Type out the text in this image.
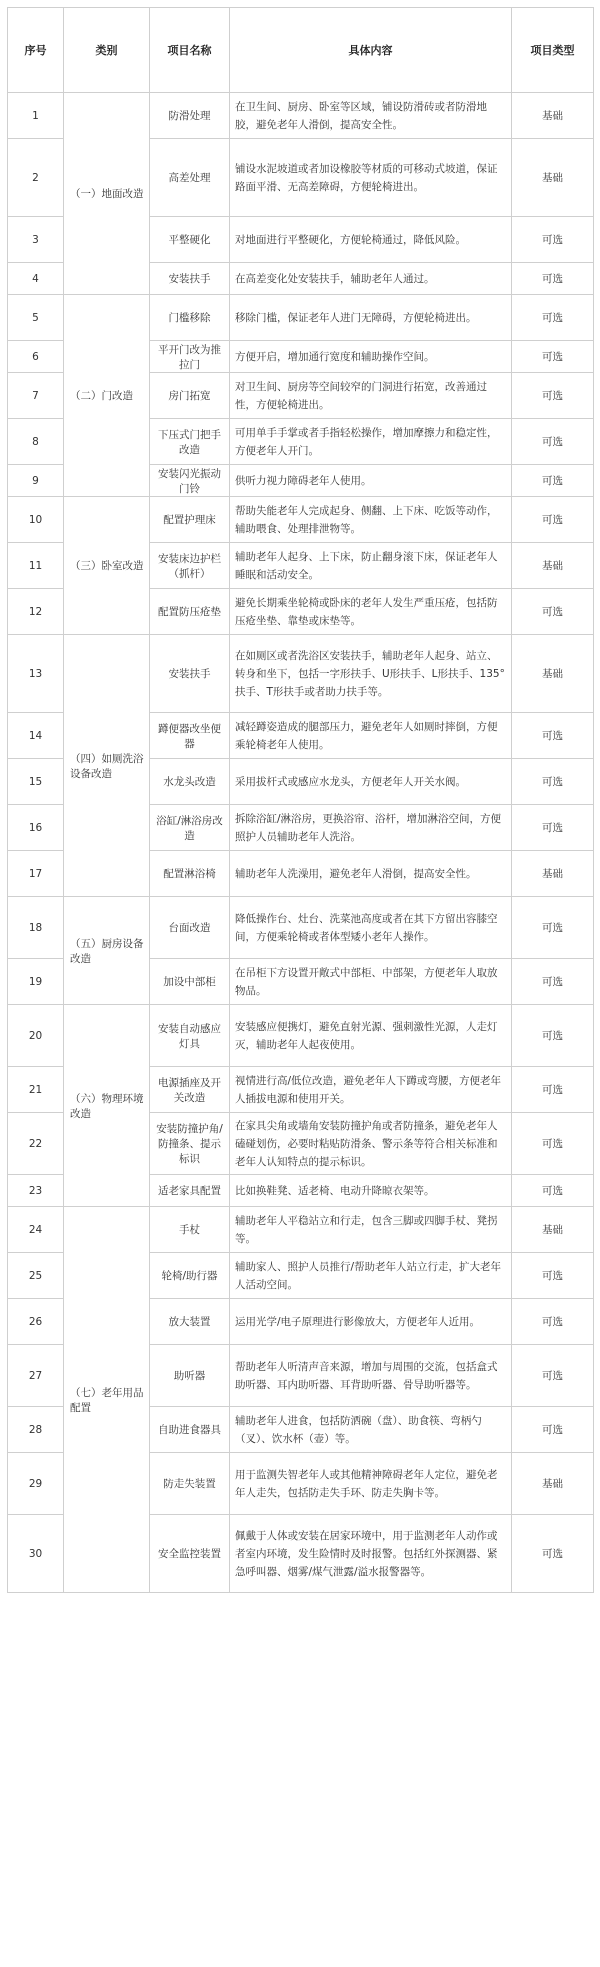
序号	类别	项目名称	具体内容	项目类型
1	（一）地面改造	防滑处理	在卫生间、厨房、卧室等区域，铺设防滑砖或者防滑地胶，避免老年人滑倒，提高安全性。	基础
2		高差处理	铺设水泥坡道或者加设橡胶等材质的可移动式坡道，保证路面平滑、无高差障碍，方便轮椅进出。	基础
3		平整硬化	对地面进行平整硬化，方便轮椅通过，降低风险。	可选
4		安装扶手	在高差变化处安装扶手，辅助老年人通过。	可选
5	（二）门改造	门槛移除	移除门槛，保证老年人进门无障碍，方便轮椅进出。	可选
6		平开门改为推拉门	方便开启，增加通行宽度和辅助操作空间。	可选
7		房门拓宽	对卫生间、厨房等空间较窄的门洞进行拓宽，改善通过性，方便轮椅进出。	可选
8		下压式门把手改造	可用单手手掌或者手指轻松操作，增加摩擦力和稳定性，方便老年人开门。	可选
9		安装闪光振动门铃	供听力视力障碍老年人使用。	可选
10	（三）卧室改造	配置护理床	帮助失能老年人完成起身、侧翻、上下床、吃饭等动作，辅助喂食、处理排泄物等。	可选
11		安装床边护栏（抓杆）	辅助老年人起身、上下床，防止翻身滚下床，保证老年人睡眠和活动安全。	基础
12		配置防压疮垫	避免长期乘坐轮椅或卧床的老年人发生严重压疮，包括防压疮坐垫、靠垫或床垫等。	可选
13	（四）如厕洗浴设备改造	安装扶手	在如厕区或者洗浴区安装扶手，辅助老年人起身、站立、转身和坐下，包括一字形扶手、U形扶手、L形扶手、135°扶手、T形扶手或者助力扶手等。	基础
14		蹲便器改坐便器	减轻蹲姿造成的腿部压力，避免老年人如厕时摔倒，方便乘轮椅老年人使用。	可选
15		水龙头改造	采用拔杆式或感应水龙头，方便老年人开关水阀。	可选
16		浴缸/淋浴房改造	拆除浴缸/淋浴房，更换浴帘、浴杆，增加淋浴空间，方便照护人员辅助老年人洗浴。	可选
17		配置淋浴椅	辅助老年人洗澡用，避免老年人滑倒，提高安全性。	基础
18	（五）厨房设备改造	台面改造	降低操作台、灶台、洗菜池高度或者在其下方留出容膝空间，方便乘轮椅或者体型矮小老年人操作。	可选
19		加设中部柜	在吊柜下方设置开敞式中部柜、中部架，方便老年人取放物品。	可选
20	（六）物理环境改造	安装自动感应灯具	安装感应便携灯，避免直射光源、强刺激性光源，人走灯灭，辅助老年人起夜使用。	可选
21		电源插座及开关改造	视情进行高/低位改造，避免老年人下蹲或弯腰，方便老年人插拔电源和使用开关。	可选
22		安装防撞护角/防撞条、提示标识	在家具尖角或墙角安装防撞护角或者防撞条，避免老年人磕碰划伤，必要时粘贴防滑条、警示条等符合相关标准和老年人认知特点的提示标识。	可选
23		适老家具配置	比如换鞋凳、适老椅、电动升降晾衣架等。	可选
24	（七）老年用品配置	手杖	辅助老年人平稳站立和行走，包含三脚或四脚手杖、凳拐等。	基础
25		轮椅/助行器	辅助家人、照护人员推行/帮助老年人站立行走，扩大老年人活动空间。	可选
26		放大装置	运用光学/电子原理进行影像放大，方便老年人近用。	可选
27		助听器	帮助老年人听清声音来源，增加与周围的交流，包括盒式助听器、耳内助听器、耳背助听器、骨导助听器等。	可选
28		自助进食器具	辅助老年人进食，包括防洒碗（盘）、助食筷、弯柄勺（叉）、饮水杯（壶）等。	可选
29		防走失装置	用于监测失智老年人或其他精神障碍老年人定位，避免老年人走失，包括防走失手环、防走失胸卡等。	基础
30		安全监控装置	佩戴于人体或安装在居家环境中，用于监测老年人动作或者室内环境，发生险情时及时报警。包括红外探测器、紧急呼叫器、烟雾/煤气泄露/溢水报警器等。	可选
